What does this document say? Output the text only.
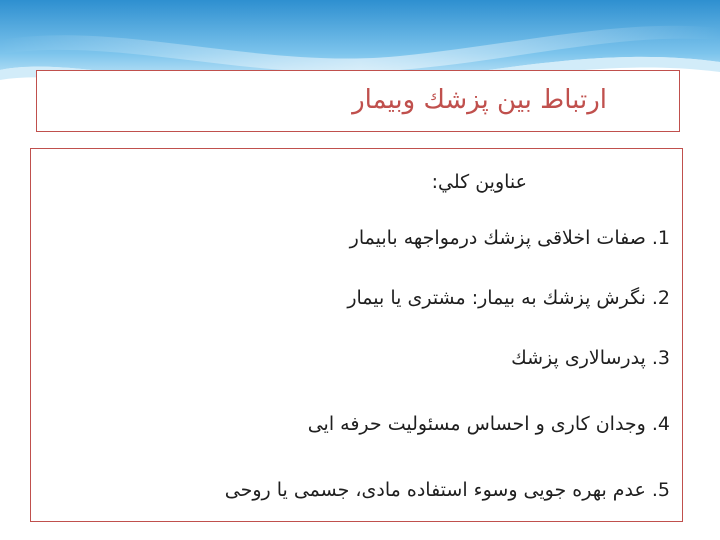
ارتباط بین پزشك وبیمار
عناوین کلي:
1.صفات اخلاقی پزشك درمواجهه بابیمار
2.نگرش پزشك به بیمار: مشتری یا بیمار
3.پدرسالاری پزشك
4.وجدان کاری و احساس مسئولیت حرفه ایی
5.عدم بهره جویی وسوء استفاده مادی، جسمی یا روحی
